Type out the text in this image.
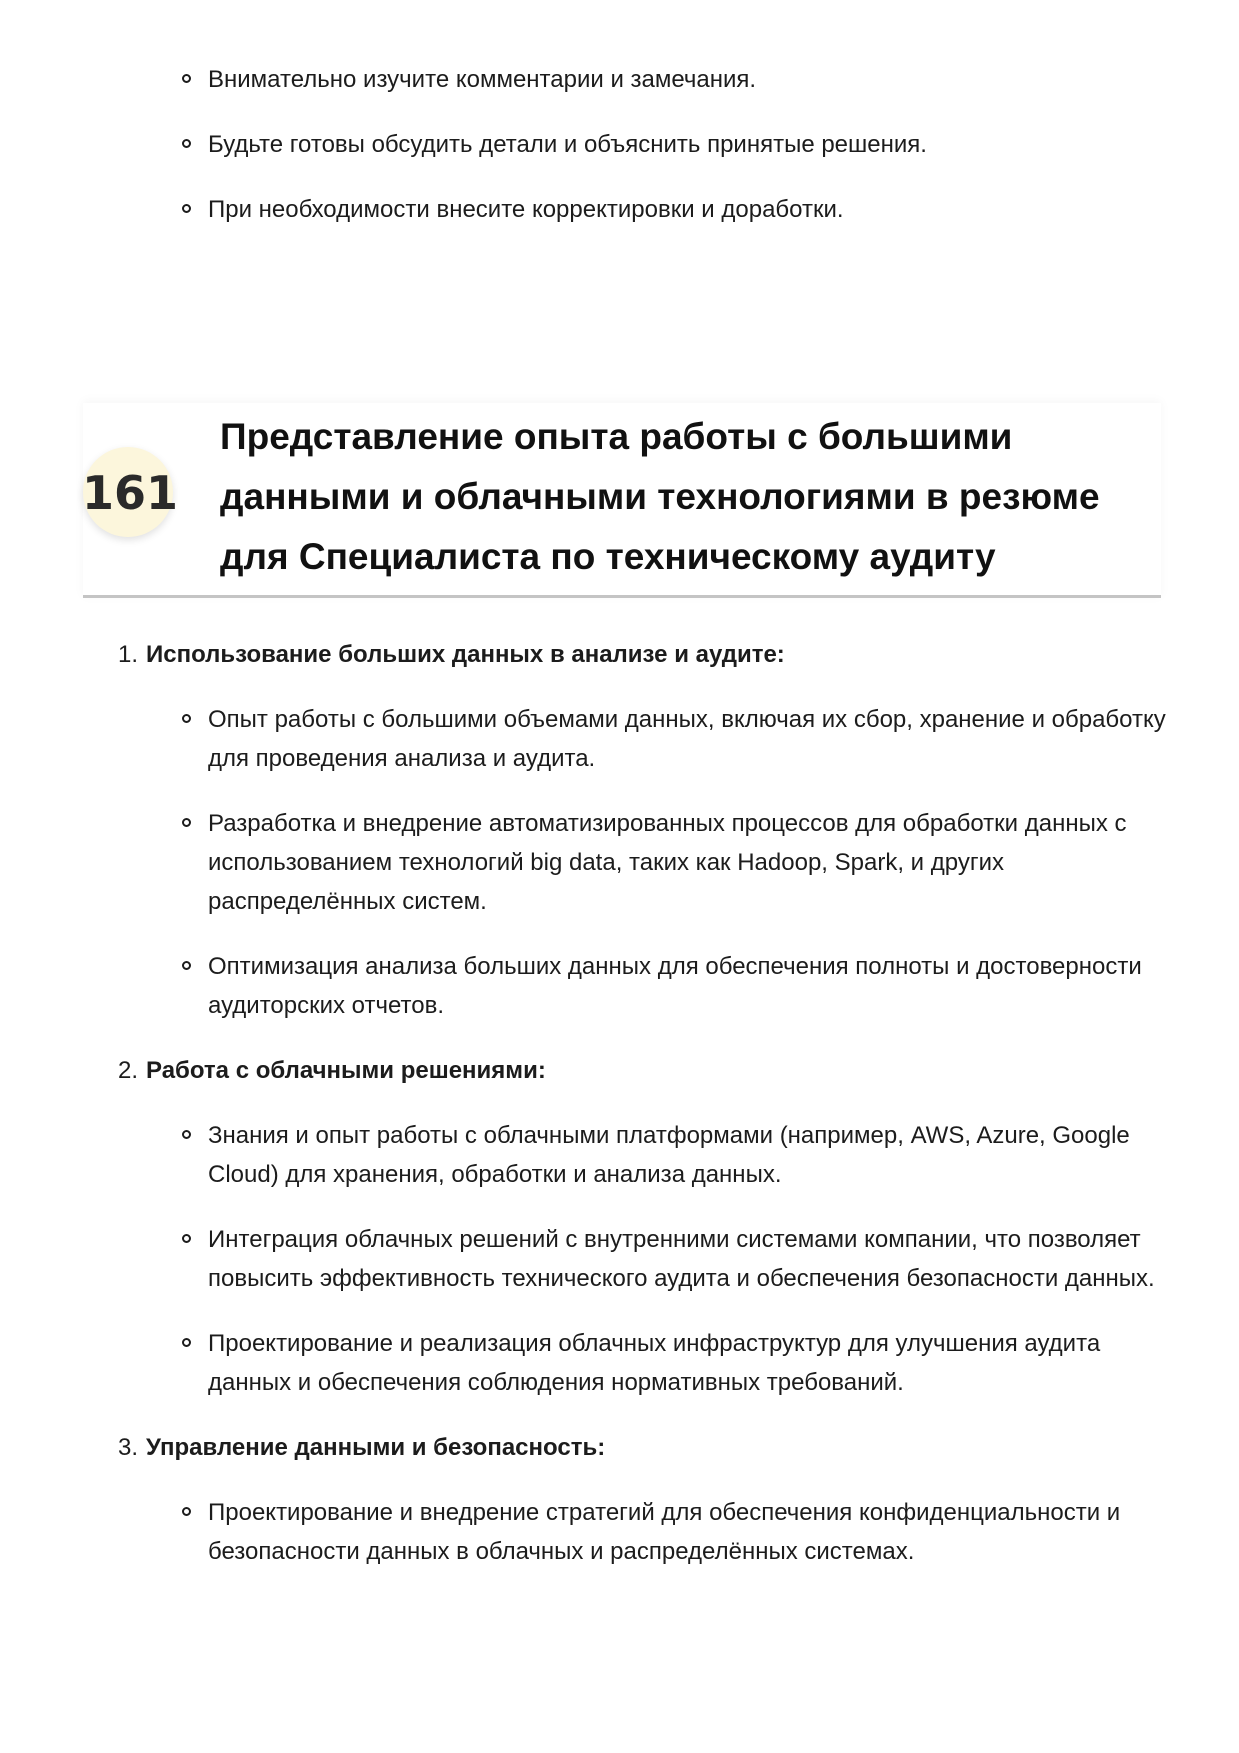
Внимательно изучите комментарии и замечания.
Будьте готовы обсудить детали и объяснить принятые решения.
При необходимости внесите корректировки и доработки.
161
Представление опыта работы с большими данными и облачными технологиями в резюме для Специалиста по техническому аудиту
1. Использование больших данных в анализе и аудите:
Опыт работы с большими объемами данных, включая их сбор, хранение и обработку для проведения анализа и аудита.
Разработка и внедрение автоматизированных процессов для обработки данных с использованием технологий big data, таких как Hadoop, Spark, и других распределённых систем.
Оптимизация анализа больших данных для обеспечения полноты и достоверности аудиторских отчетов.
2. Работа с облачными решениями:
Знания и опыт работы с облачными платформами (например, AWS, Azure, Google Cloud) для хранения, обработки и анализа данных.
Интеграция облачных решений с внутренними системами компании, что позволяет повысить эффективность технического аудита и обеспечения безопасности данных.
Проектирование и реализация облачных инфраструктур для улучшения аудита данных и обеспечения соблюдения нормативных требований.
3. Управление данными и безопасность:
Проектирование и внедрение стратегий для обеспечения конфиденциальности и безопасности данных в облачных и распределённых системах.
